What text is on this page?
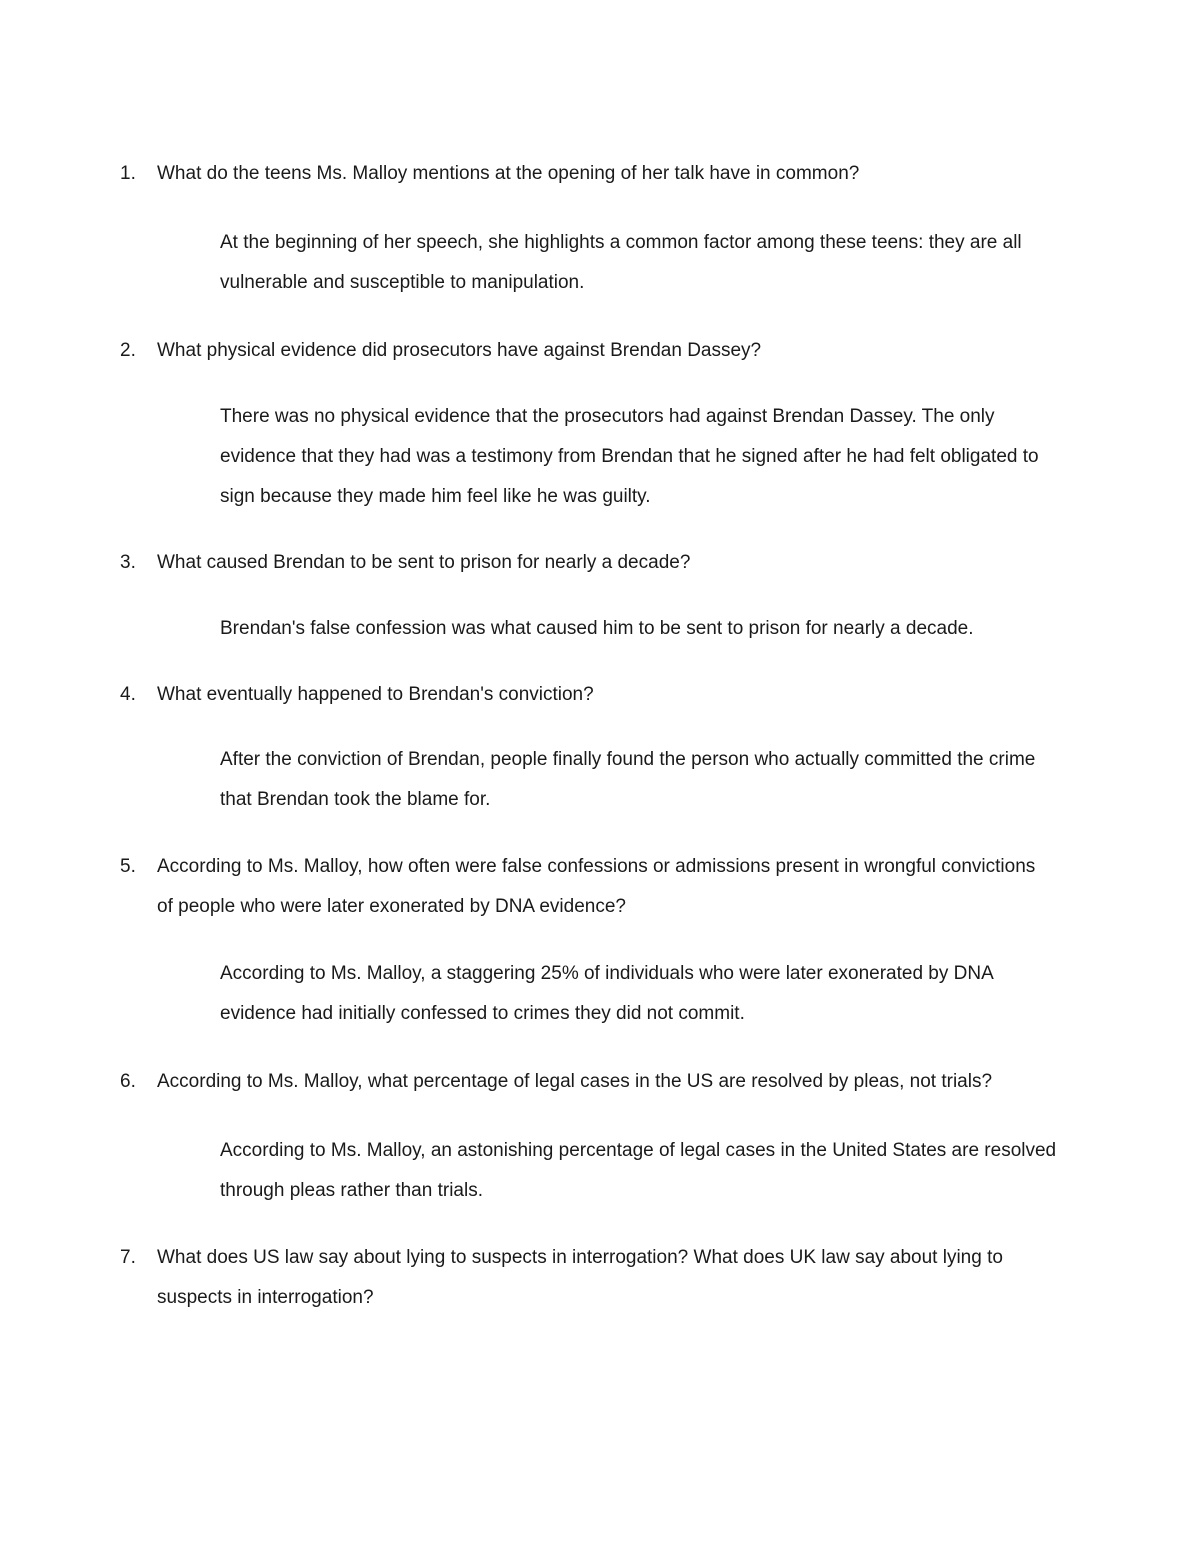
1. What do the teens Ms. Malloy mentions at the opening of her talk have in common?
At the beginning of her speech, she highlights a common factor among these teens: they are all vulnerable and susceptible to manipulation.
2. What physical evidence did prosecutors have against Brendan Dassey?
There was no physical evidence that the prosecutors had against Brendan Dassey. The only evidence that they had was a testimony from Brendan that he signed after he had felt obligated to sign because they made him feel like he was guilty.
3. What caused Brendan to be sent to prison for nearly a decade?
Brendan's false confession was what caused him to be sent to prison for nearly a decade.
4. What eventually happened to Brendan's conviction?
After the conviction of Brendan, people finally found the person who actually committed the crime that Brendan took the blame for.
5. According to Ms. Malloy, how often were false confessions or admissions present in wrongful convictions of people who were later exonerated by DNA evidence?
According to Ms. Malloy, a staggering 25% of individuals who were later exonerated by DNA evidence had initially confessed to crimes they did not commit.
6. According to Ms. Malloy, what percentage of legal cases in the US are resolved by pleas, not trials?
According to Ms. Malloy, an astonishing percentage of legal cases in the United States are resolved through pleas rather than trials.
7. What does US law say about lying to suspects in interrogation? What does UK law say about lying to suspects in interrogation?
